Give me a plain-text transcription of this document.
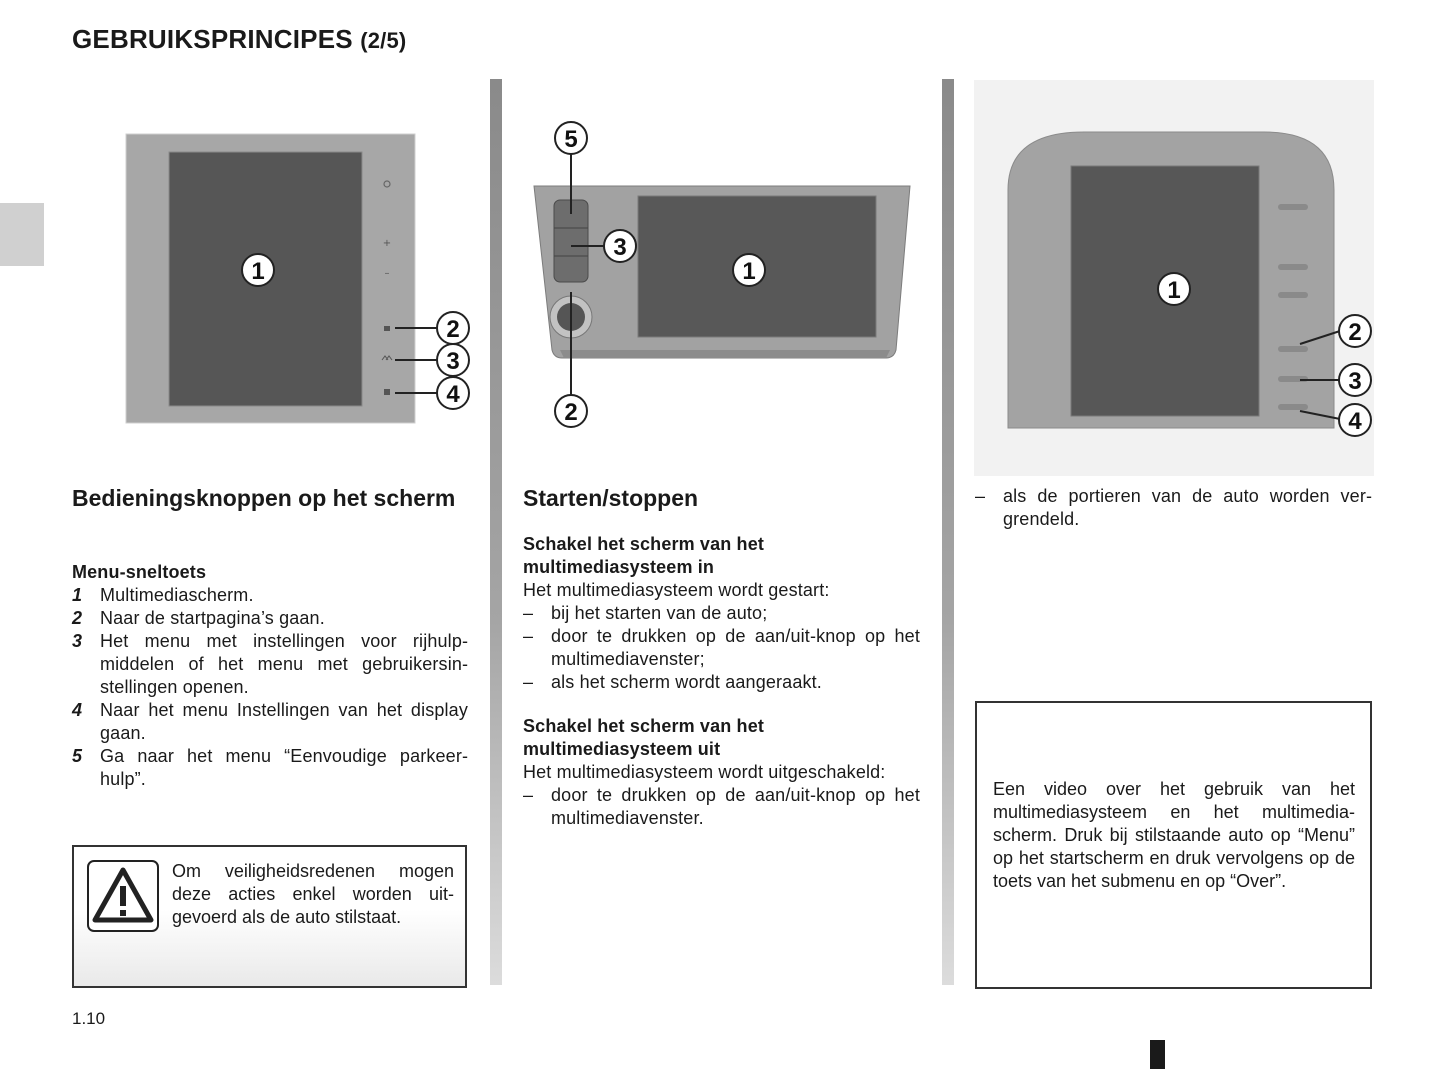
GEBRUIKSPRINCIPES (2/5)
+
–
1
2
3
4
5
3
1
2
1
2
3
4
Bedieningsknoppen op het scherm

Menu-sneltoets

1 Multimediascherm.
2 Naar de startpagina’s gaan.
3 Het menu met instellingen voor rijhulpmiddelen of het menu met gebruikersinstellingen openen.
4 Naar het menu Instellingen van het display gaan.
5 Ga naar het menu “Eenvoudige parkeerhulp”.
Om veiligheidsredenen mogen deze acties enkel worden uitgevoerd als de auto stilstaat.
1.10
Starten/stoppen

Schakel het scherm van het multimediasysteem in

Het multimediasysteem wordt gestart:

– bij het starten van de auto;
– door te drukken op de aan/uit-knop op het multimediavenster;
– als het scherm wordt aangeraakt.

Schakel het scherm van het multimediasysteem uit

Het multimediasysteem wordt uitgeschakeld:

– door te drukken op de aan/uit-knop op het multimediavenster.
– als de portieren van de auto worden vergrendeld.
Een video over het gebruik van het multimediasysteem en het multimediascherm. Druk bij stilstaande auto op “Menu” op het startscherm en druk vervolgens op de toets van het submenu en op “Over”.
